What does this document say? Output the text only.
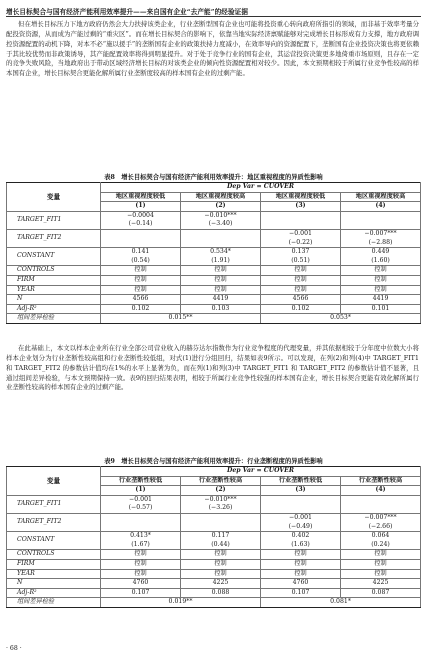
增长目标契合与国有经济产能利用效率提升——来自国有企业“去产能”的经验证据

但在增长目标压力下地方政府仍然会大力扶持该类企业，行业垄断型国有企业也可能将投资重心转向政府所指引的领域，而非基于效率考量分配投资资源，从而成为产能过剩的“重灾区”。而在增长目标契合的影响下，依靠当地实际经济禀赋能够对完成增长目标形成有力支撑，地方政府调控资源配置的动机下降，对本不必“施以援手”的垄断国有企业的政策扶持力度减小，在效率导向的资源配置下，垄断国有企业投资决策也将更依赖于其比较优势而非政策诱导，其产能配置效率将得到明显提升。对于处于竞争行业的国有企业，其运营投资决策更多地倚重市场原则，且存在一定的竞争失败风险，当地政府出于带动区域经济增长目标的对该类企业的倾向性资源配置相对较少。因此，本文预期相较于所属行业竞争性较高的样本国有企业，增长目标契合更能化解所属行业垄断度较高的样本国有企业的过剩产能。

表8　增长目标契合与国有经济产能利用效率提升：地区重视程度的异质性影响
变量	Dep Var = CUOVER			
	地区重视程度较低	地区重视程度较高	地区重视程度较低	地区重视程度较高
	(1)	(2)	(3)	(4)
TARGET_FIT1	−0.0004	−0.010***		
	(−0.14)	(−3.40)		
TARGET_FIT2			−0.001	−0.007***
			(−0.22)	(−2.88)
CONSTANT	0.141	0.534*	0.137	0.449
	(0.54)	(1.91)	(0.51)	(1.60)
CONTROLS	控制	控制	控制	控制
FIRM	控制	控制	控制	控制
YEAR	控制	控制	控制	控制
N	4566	4419	4566	4419
Adj-R²	0.102	0.103	0.102	0.101
组间差异检验	0.015**		0.053*	

在此基础上，本文以样本企业所在行业全部公司营业收入的赫芬达尔指数作为行业竞争程度的代理变量，并其依据相较于分年度中位数大小将样本企业划分为行业垄断性较高组和行业垄断性较低组，对式(1)进行分组回归，结果如表9所示。可以发现，在列(2)和列(4)中 TARGET_FIT1 和 TARGET_FIT2 的参数估计值均在1%的水平上显著为负，而在列(1)和列(3)中 TARGET_FIT1 和 TARGET_FIT2 的参数估计值不显著，且通过组间差异检验，与本文预期保持一致。表9的回归结果表明，相较于所属行业竞争性较强的样本国有企业，增长目标契合更能有效化解所属行业垄断性较高的样本国有企业的过剩产能。

表9　增长目标契合与国有经济产能利用效率提升：行业垄断程度的异质性影响
变量	Dep Var = CUOVER			
	行业垄断性较低	行业垄断性较高	行业垄断性较低	行业垄断性较高
	(1)	(2)	(3)	(4)
TARGET_FIT1	−0.001	−0.010***		
	(−0.57)	(−3.26)		
TARGET_FIT2			−0.001	−0.007***
			(−0.49)	(−2.66)
CONSTANT	0.413*	0.117	0.402	0.064
	(1.67)	(0.44)	(1.63)	(0.24)
CONTROLS	控制	控制	控制	控制
FIRM	控制	控制	控制	控制
YEAR	控制	控制	控制	控制
N	4760	4225	4760	4225
Adj-R²	0.107	0.088	0.107	0.087
组间差异检验	0.019**		0.081*	
· 68 ·
